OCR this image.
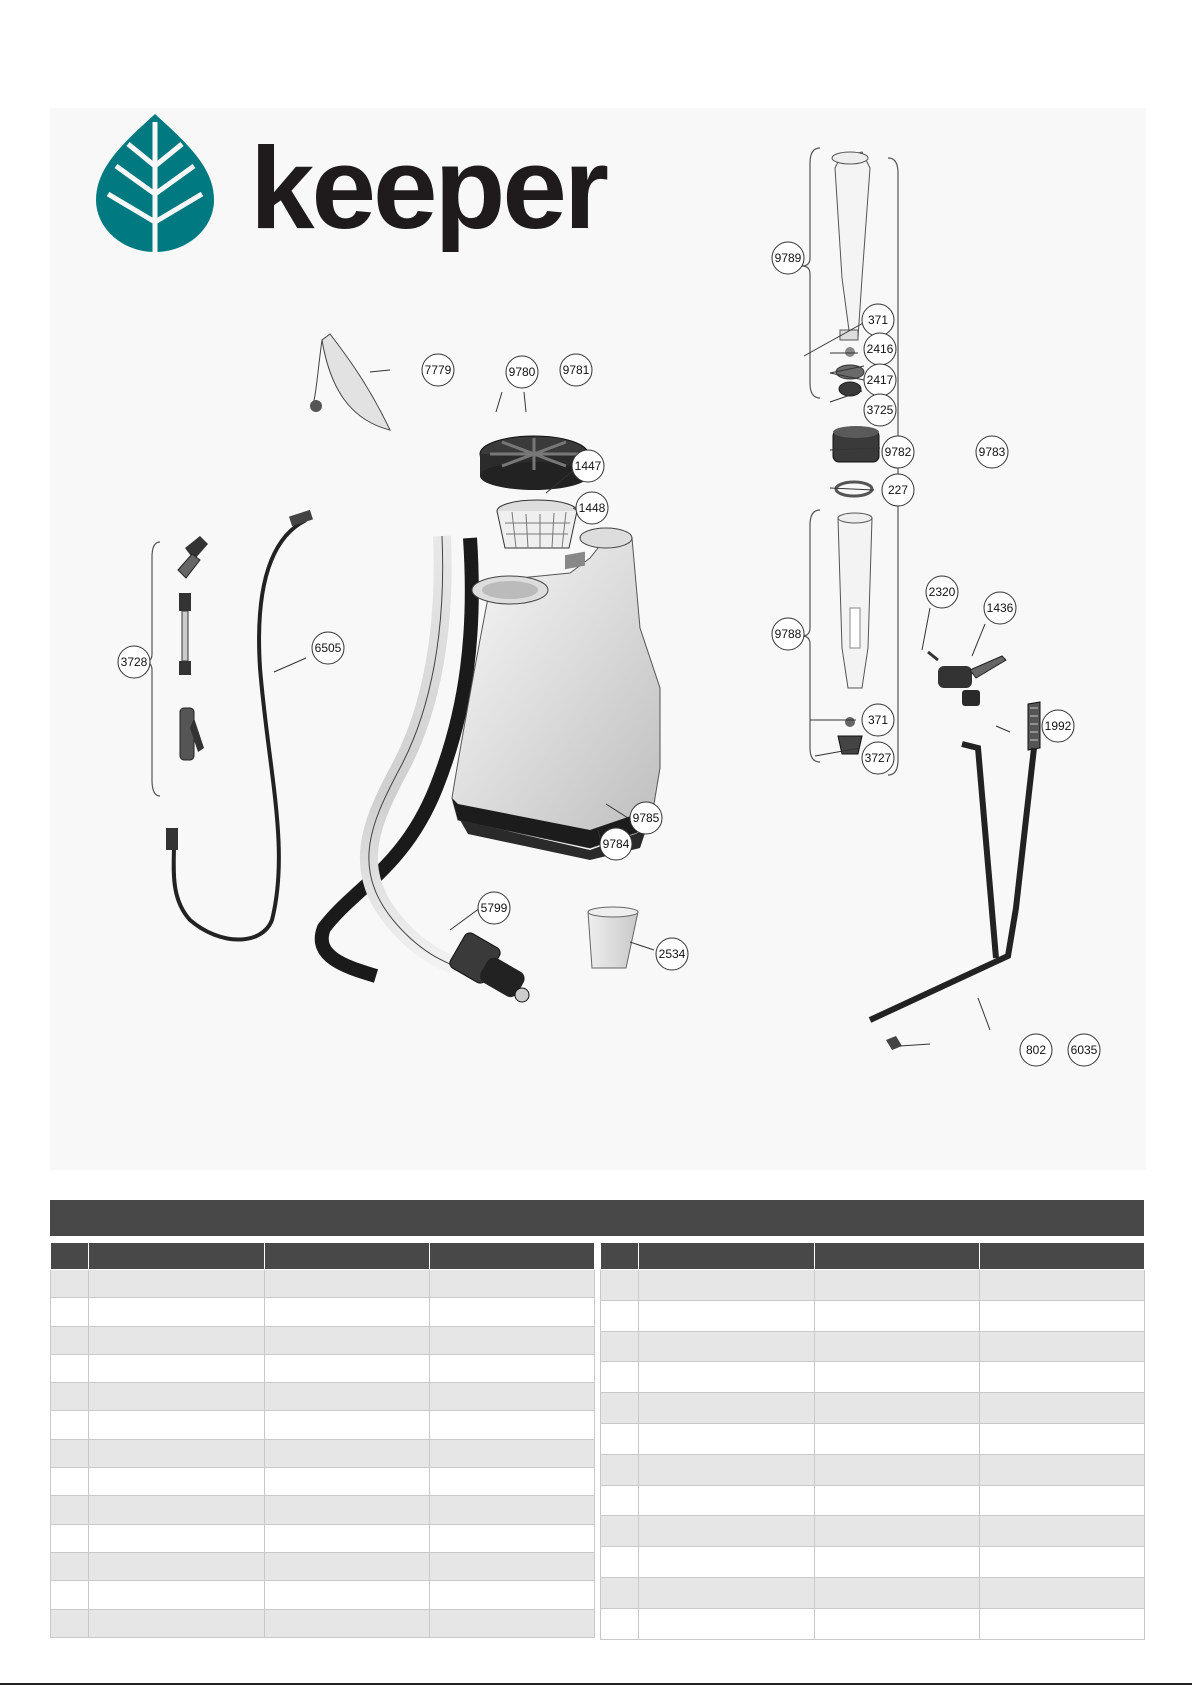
keeper
9789
371
2416
2417
3725
9782	9783
227
9788
371
3727
7779	9780 9781
1447
1448
3728
6505
9785
9784
5799
2534
2320
1436
1992
802 6035
